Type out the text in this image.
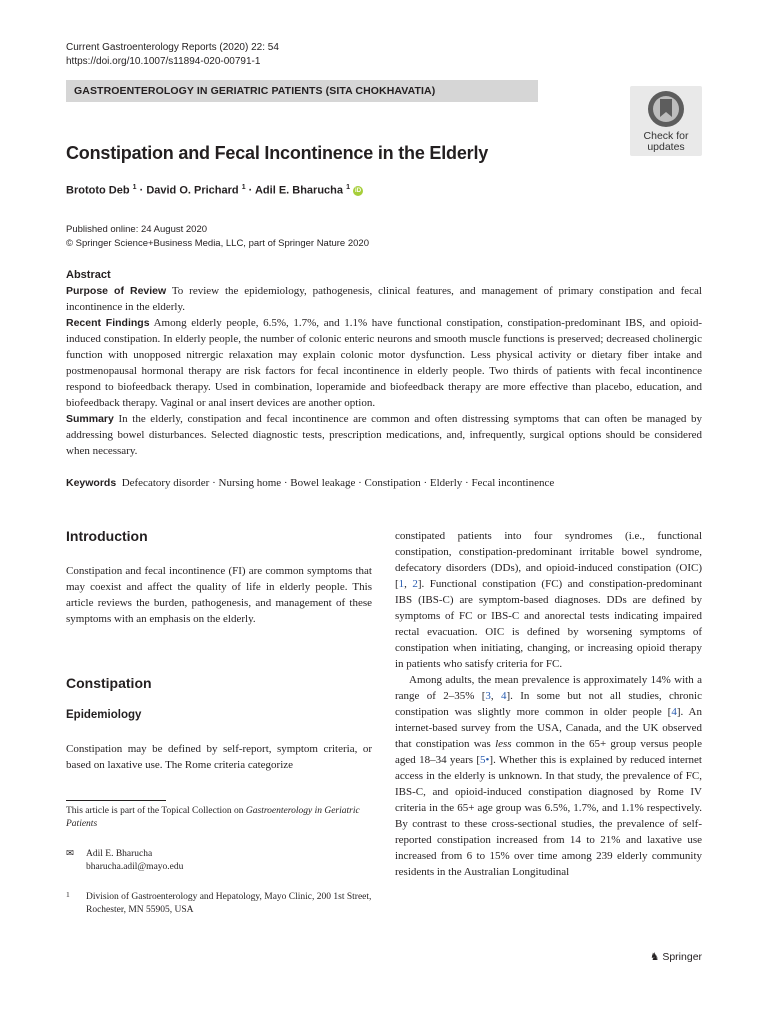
Current Gastroenterology Reports (2020) 22: 54
https://doi.org/10.1007/s11894-020-00791-1
GASTROENTEROLOGY IN GERIATRIC PATIENTS (SITA CHOKHAVATIA)
Check for
updates
Constipation and Fecal Incontinence in the Elderly
Brototo Deb $^1$ · David O. Prichard $^1$ · Adil E. Bharucha $^1$ iD
Published online: 24 August 2020
© Springer Science+Business Media, LLC, part of Springer Nature 2020
Abstract
Purpose of Review To review the epidemiology, pathogenesis, clinical features, and management of primary constipation and fecal incontinence in the elderly.
Recent Findings Among elderly people, 6.5%, 1.7%, and 1.1% have functional constipation, constipation-predominant IBS, and opioid-induced constipation. In elderly people, the number of colonic enteric neurons and smooth muscle functions is preserved; decreased cholinergic function with unopposed nitrergic relaxation may explain colonic motor dysfunction. Less physical activity or dietary fiber intake and postmenopausal hormonal therapy are risk factors for fecal incontinence in elderly people. Two thirds of patients with fecal incontinence respond to biofeedback therapy. Used in combination, loperamide and biofeedback therapy are more effective than placebo, education, and biofeedback therapy. Vaginal or anal insert devices are another option.
Summary In the elderly, constipation and fecal incontinence are common and often distressing symptoms that can often be managed by addressing bowel disturbances. Selected diagnostic tests, prescription medications, and, infrequently, surgical options should be considered when necessary.
Keywords Defecatory disorder · Nursing home · Bowel leakage · Constipation · Elderly · Fecal incontinence
Introduction
Constipation and fecal incontinence (FI) are common symptoms that may coexist and affect the quality of life in elderly people. This article reviews the burden, pathogenesis, and management of these symptoms with an emphasis on the elderly.
Constipation
Epidemiology
Constipation may be defined by self-report, symptom criteria, or based on laxative use. The Rome criteria categorize
This article is part of the Topical Collection on Gastroenterology in Geriatric Patients
✉ Adil E. Bharucha
bharucha.adil@mayo.edu
1 Division of Gastroenterology and Hepatology, Mayo Clinic, 200 1st Street, Rochester, MN 55905, USA

constipated patients into four syndromes (i.e., functional constipation, constipation-predominant irritable bowel syndrome, defecatory disorders (DDs), and opioid-induced constipation (OIC) [1, 2]. Functional constipation (FC) and constipation-predominant IBS (IBS-C) are symptom-based diagnoses. DDs are defined by symptoms of FC or IBS-C and anorectal tests indicating impaired rectal evacuation. OIC is defined by worsening symptoms of constipation when initiating, changing, or increasing opioid therapy in patients who satisfy criteria for FC.

Among adults, the mean prevalence is approximately 14% with a range of 2–35% [3, 4]. In some but not all studies, chronic constipation was slightly more common in older people [4]. An internet-based survey from the USA, Canada, and the UK observed that constipation was less common in the 65+ group versus people aged 18–34 years [5•]. Whether this is explained by reduced internet access in the elderly is unknown. In that study, the prevalence of FC, IBS-C, and opioid-induced constipation diagnosed by Rome IV criteria in the 65+ age group was 6.5%, 1.7%, and 1.1% respectively. By contrast to these cross-sectional studies, the prevalence of self-reported constipation increased from 14 to 21% and laxative use increased from 6 to 15% over time among 239 elderly community residents in the Australian Longitudinal

♞ Springer
